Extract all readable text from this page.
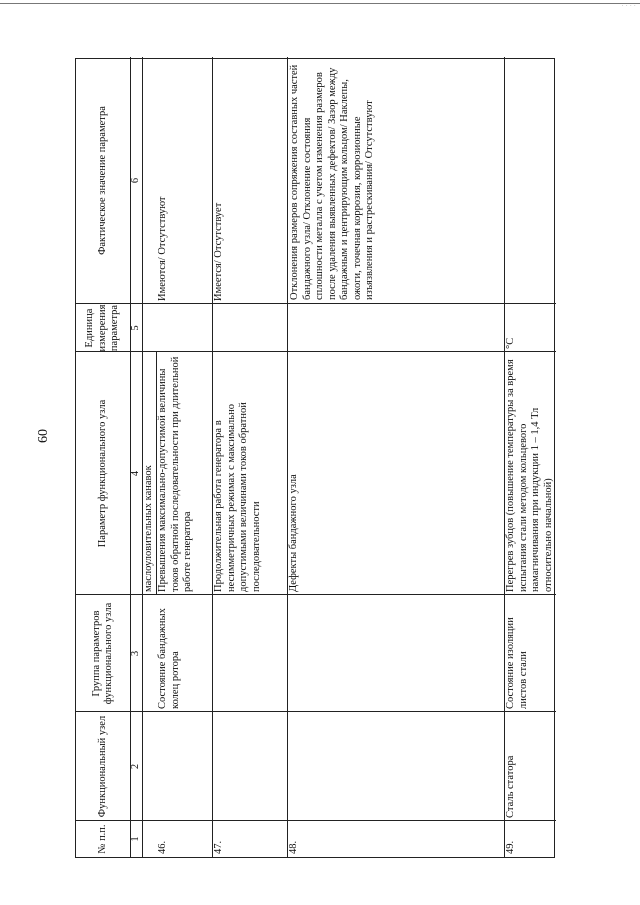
· · · ·
60
№ п.п.
Функциональный узел
Группа параметров функционального узла
Параметр функционального узла
Единица измерения параметра
Фактическое значение параметра
1
2
3
4
5
6
маслоуловительных канавок
46.
Состояние бандажных колец ротора
Превышения максимально-допустимой величины токов обратной последовательности при длительной работе генератора
Имеются/ Отсутствуют
47.
Продолжительная работа генератора в несимметричных режимах с максимально допустимыми величинами токов обратной последовательности
Имеется/ Отсутствует
48.
Дефекты бандажного узла
Отклонения размеров сопряжения составных частей бандажного узла/ Отклонение состояния сплошности металла с учетом изменения размеров после удаления выявленных дефектов/ Зазор между бандажным и центрирующим кольцом/ Наклепы, ожоги, точечная коррозия, коррозионные изъязвления и растрескивания/ Отсутствуют
49.
Сталь статора
Состояние изоляции листов стали
Перегрев зубцов (повышение температуры за время испытания стали методом кольцевого намагничивания при индукции 1 – 1,4 Тл относительно начальной)
°С
